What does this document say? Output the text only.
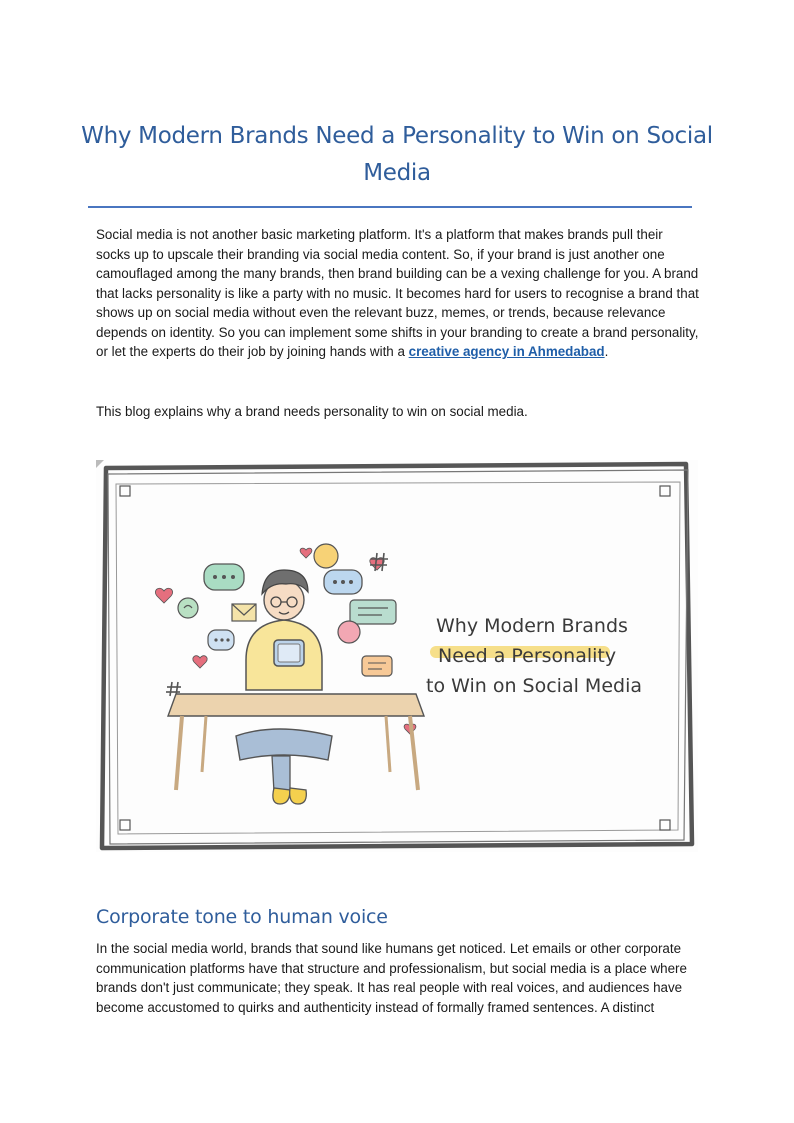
Why Modern Brands Need a Personality to Win on Social Media

Social media is not another basic marketing platform. It's a platform that makes brands pull their socks up to upscale their branding via social media content. So, if your brand is just another one camouflaged among the many brands, then brand building can be a vexing challenge for you. A brand that lacks personality is like a party with no music. It becomes hard for users to recognise a brand that shows up on social media without even the relevant buzz, memes, or trends, because relevance depends on identity. So you can implement some shifts in your branding to create a brand personality, or let the experts do their job by joining hands with a creative agency in Ahmedabad.

This blog explains why a brand needs personality to win on social media.

Why Modern Brands
Need a Personality
to Win on Social Media
Corporate tone to human voice

In the social media world, brands that sound like humans get noticed. Let emails or other corporate communication platforms have that structure and professionalism, but social media is a place where brands don't just communicate; they speak. It has real people with real voices, and audiences have become accustomed to quirks and authenticity instead of formally framed sentences. A distinct
